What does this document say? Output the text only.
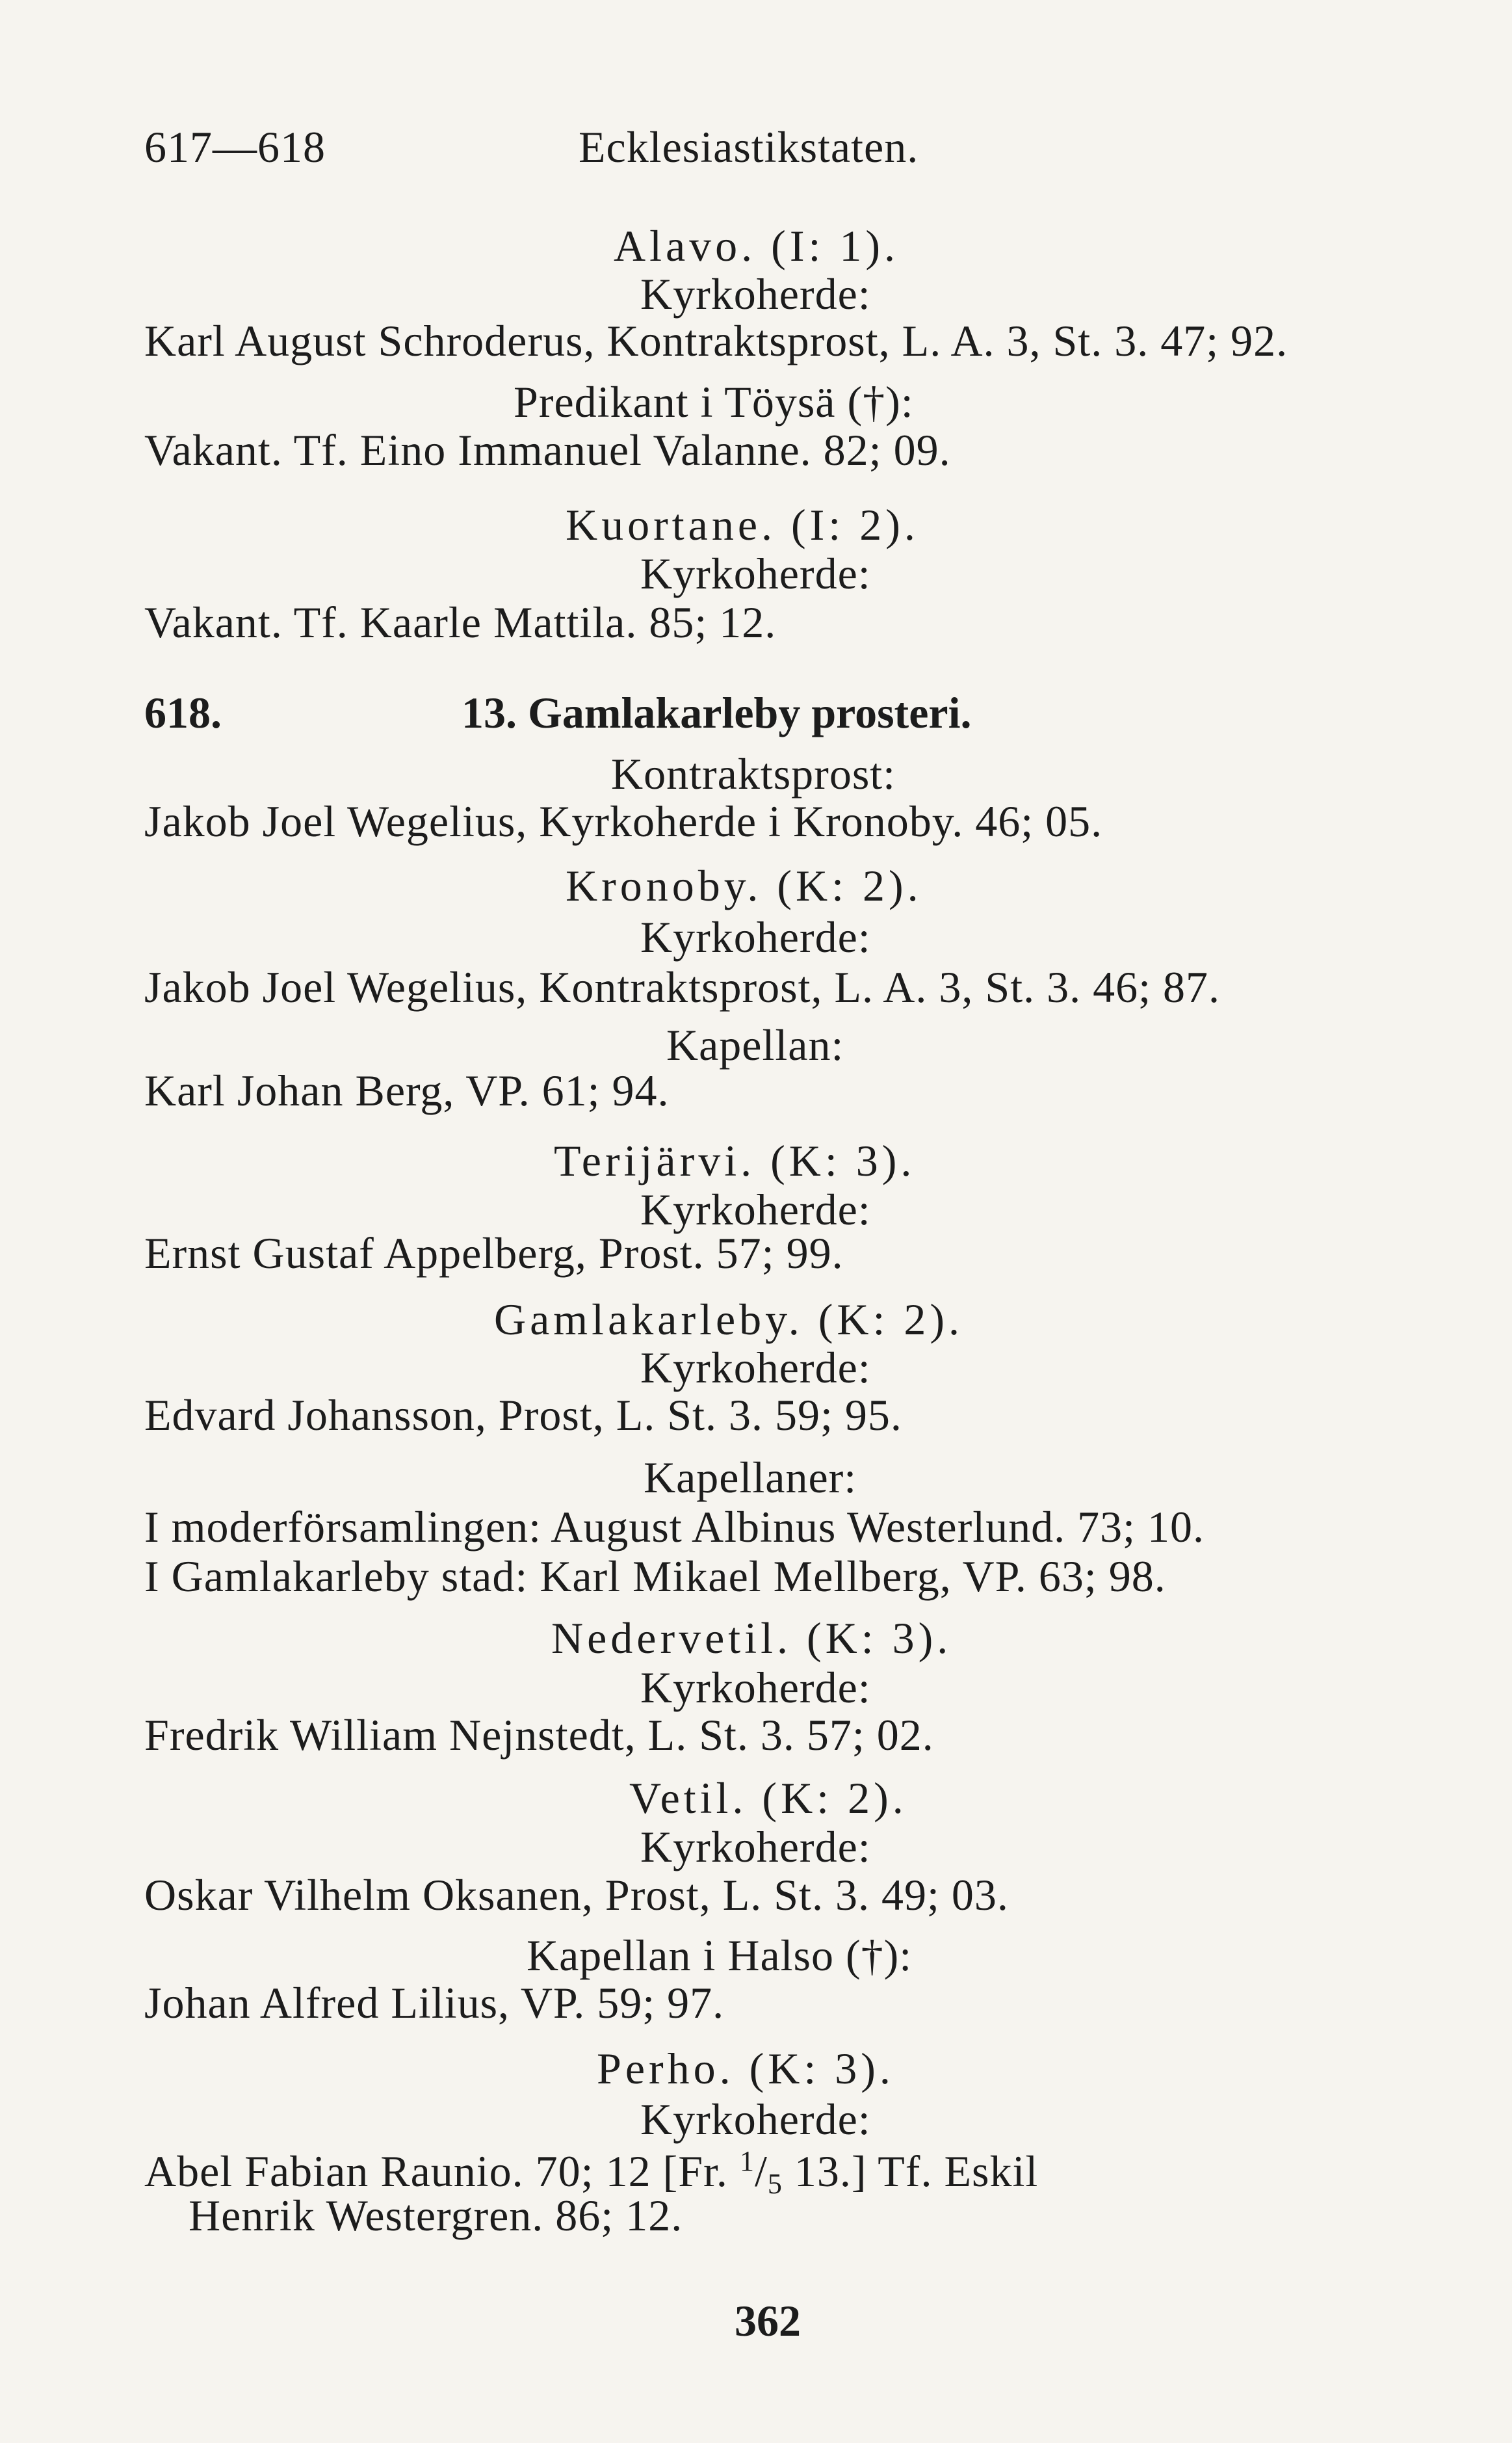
617—618	Ecklesiastikstaten.
Alavo. (I: 1).
Kyrkoherde:
Karl August Schroderus, Kontraktsprost, L. A. 3, St. 3. 47; 92.
Predikant i Töysä (†):
Vakant. Tf. Eino Immanuel Valanne. 82; 09.
Kuortane. (I: 2).
Kyrkoherde:
Vakant. Tf. Kaarle Mattila. 85; 12.
618.	13. Gamlakarleby prosteri.
Kontraktsprost:
Jakob Joel Wegelius, Kyrkoherde i Kronoby. 46; 05.
Kronoby. (K: 2).
Kyrkoherde:
Jakob Joel Wegelius, Kontraktsprost, L. A. 3, St. 3. 46; 87.
Kapellan:
Karl Johan Berg, VP. 61; 94.
Terijärvi. (K: 3).
Kyrkoherde:
Ernst Gustaf Appelberg, Prost. 57; 99.
Gamlakarleby. (K: 2).
Kyrkoherde:
Edvard Johansson, Prost, L. St. 3. 59; 95.
Kapellaner:
I moderförsamlingen: August Albinus Westerlund. 73; 10.
I Gamlakarleby stad: Karl Mikael Mellberg, VP. 63; 98.
Nedervetil. (K: 3).
Kyrkoherde:
Fredrik William Nejnstedt, L. St. 3. 57; 02.
Vetil. (K: 2).
Kyrkoherde:
Oskar Vilhelm Oksanen, Prost, L. St. 3. 49; 03.
Kapellan i Halso (†):
Johan Alfred Lilius, VP. 59; 97.
Perho. (K: 3).
Kyrkoherde:
Abel Fabian Raunio. 70; 12 [Fr. $^1/_5$ 13.] Tf. Eskil
Henrik Westergren. 86; 12.
362
